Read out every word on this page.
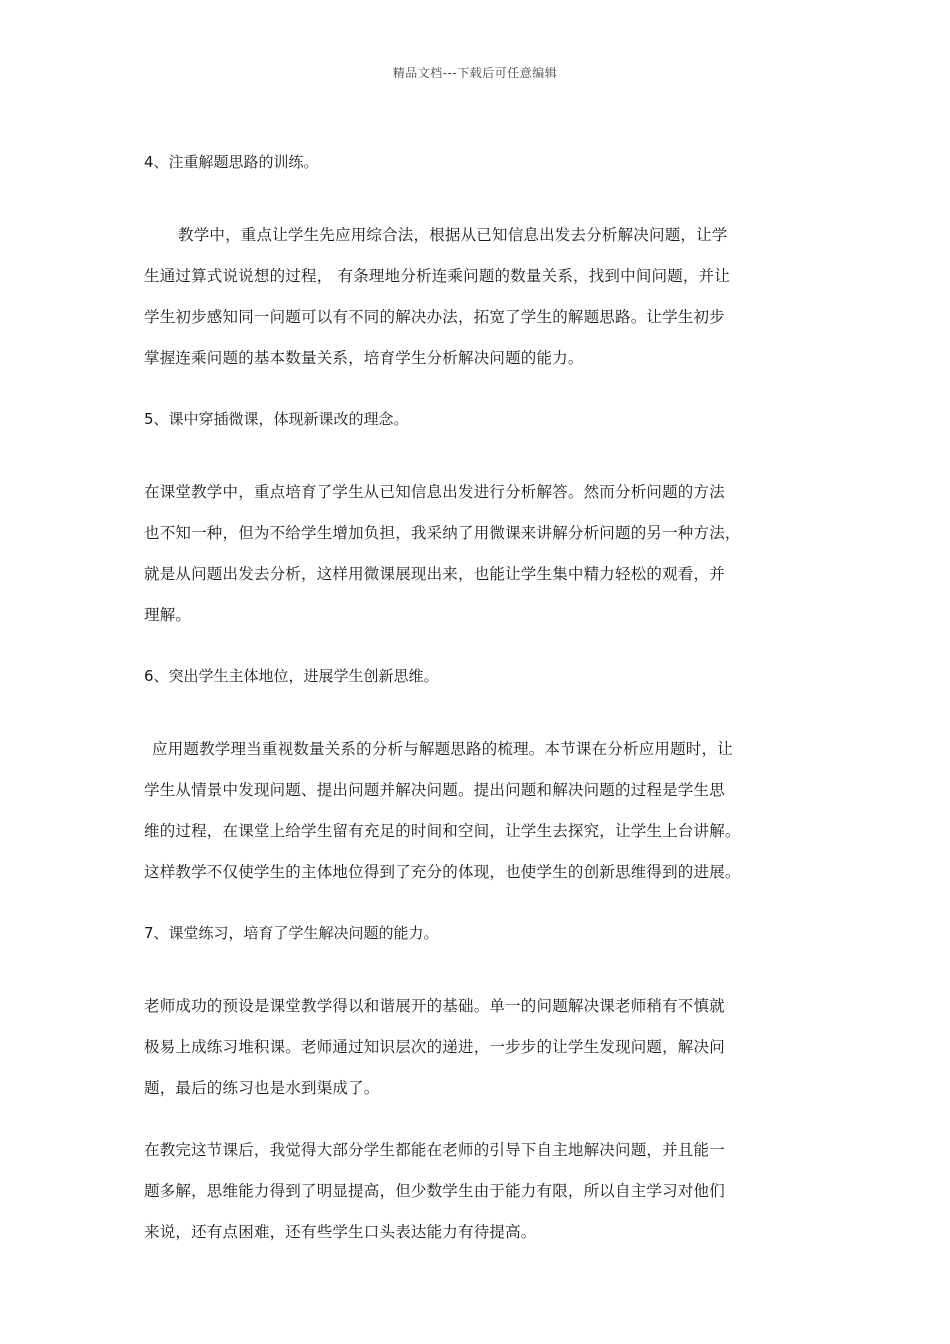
精品文档---下载后可任意编辑

4、注重解题思路的训练。

教学中，重点让学生先应用综合法，根据从已知信息出发去分析解决问题，让学
生通过算式说说想的过程， 有条理地分析连乘问题的数量关系，找到中间问题，并让
学生初步感知同一问题可以有不同的解决办法，拓宽了学生的解题思路。让学生初步
掌握连乘问题的基本数量关系，培育学生分析解决问题的能力。

5、课中穿插微课，体现新课改的理念。

在课堂教学中，重点培育了学生从已知信息出发进行分析解答。然而分析问题的方法
也不知一种，但为不给学生增加负担，我采纳了用微课来讲解分析问题的另一种方法，
就是从问题出发去分析，这样用微课展现出来，也能让学生集中精力轻松的观看，并
理解。

6、突出学生主体地位，进展学生创新思维。

应用题教学理当重视数量关系的分析与解题思路的梳理。本节课在分析应用题时，让
学生从情景中发现问题、提出问题并解决问题。提出问题和解决问题的过程是学生思
维的过程，在课堂上给学生留有充足的时间和空间，让学生去探究，让学生上台讲解。
这样教学不仅使学生的主体地位得到了充分的体现，也使学生的创新思维得到的进展。

7、课堂练习，培育了学生解决问题的能力。

老师成功的预设是课堂教学得以和谐展开的基础。单一的问题解决课老师稍有不慎就
极易上成练习堆积课。老师通过知识层次的递进，一步步的让学生发现问题，解决问
题，最后的练习也是水到渠成了。
在教完这节课后，我觉得大部分学生都能在老师的引导下自主地解决问题，并且能一
题多解，思维能力得到了明显提高，但少数学生由于能力有限，所以自主学习对他们
来说，还有点困难，还有些学生口头表达能力有待提高。
